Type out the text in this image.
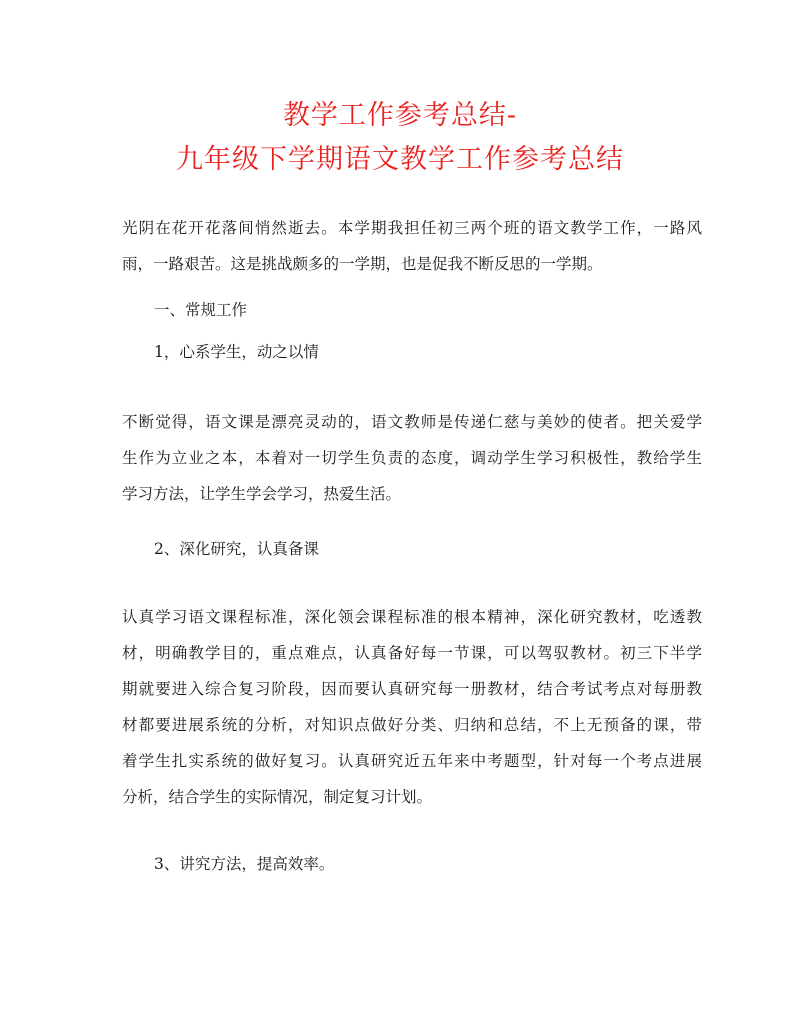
教学工作参考总结-
九年级下学期语文教学工作参考总结
光阴在花开花落间悄然逝去。本学期我担任初三两个班的语文教学工作，一路风
雨，一路艰苦。这是挑战颇多的一学期，也是促我不断反思的一学期。
一、常规工作
1，心系学生，动之以情
不断觉得，语文课是漂亮灵动的，语文教师是传递仁慈与美妙的使者。把关爱学
生作为立业之本，本着对一切学生负责的态度，调动学生学习积极性，教给学生
学习方法，让学生学会学习，热爱生活。
2、深化研究，认真备课
认真学习语文课程标准，深化领会课程标准的根本精神，深化研究教材，吃透教
材，明确教学目的，重点难点，认真备好每一节课，可以驾驭教材。初三下半学
期就要进入综合复习阶段，因而要认真研究每一册教材，结合考试考点对每册教
材都要进展系统的分析，对知识点做好分类、归纳和总结，不上无预备的课，带
着学生扎实系统的做好复习。认真研究近五年来中考题型，针对每一个考点进展
分析，结合学生的实际情况，制定复习计划。
3、讲究方法，提高效率。
